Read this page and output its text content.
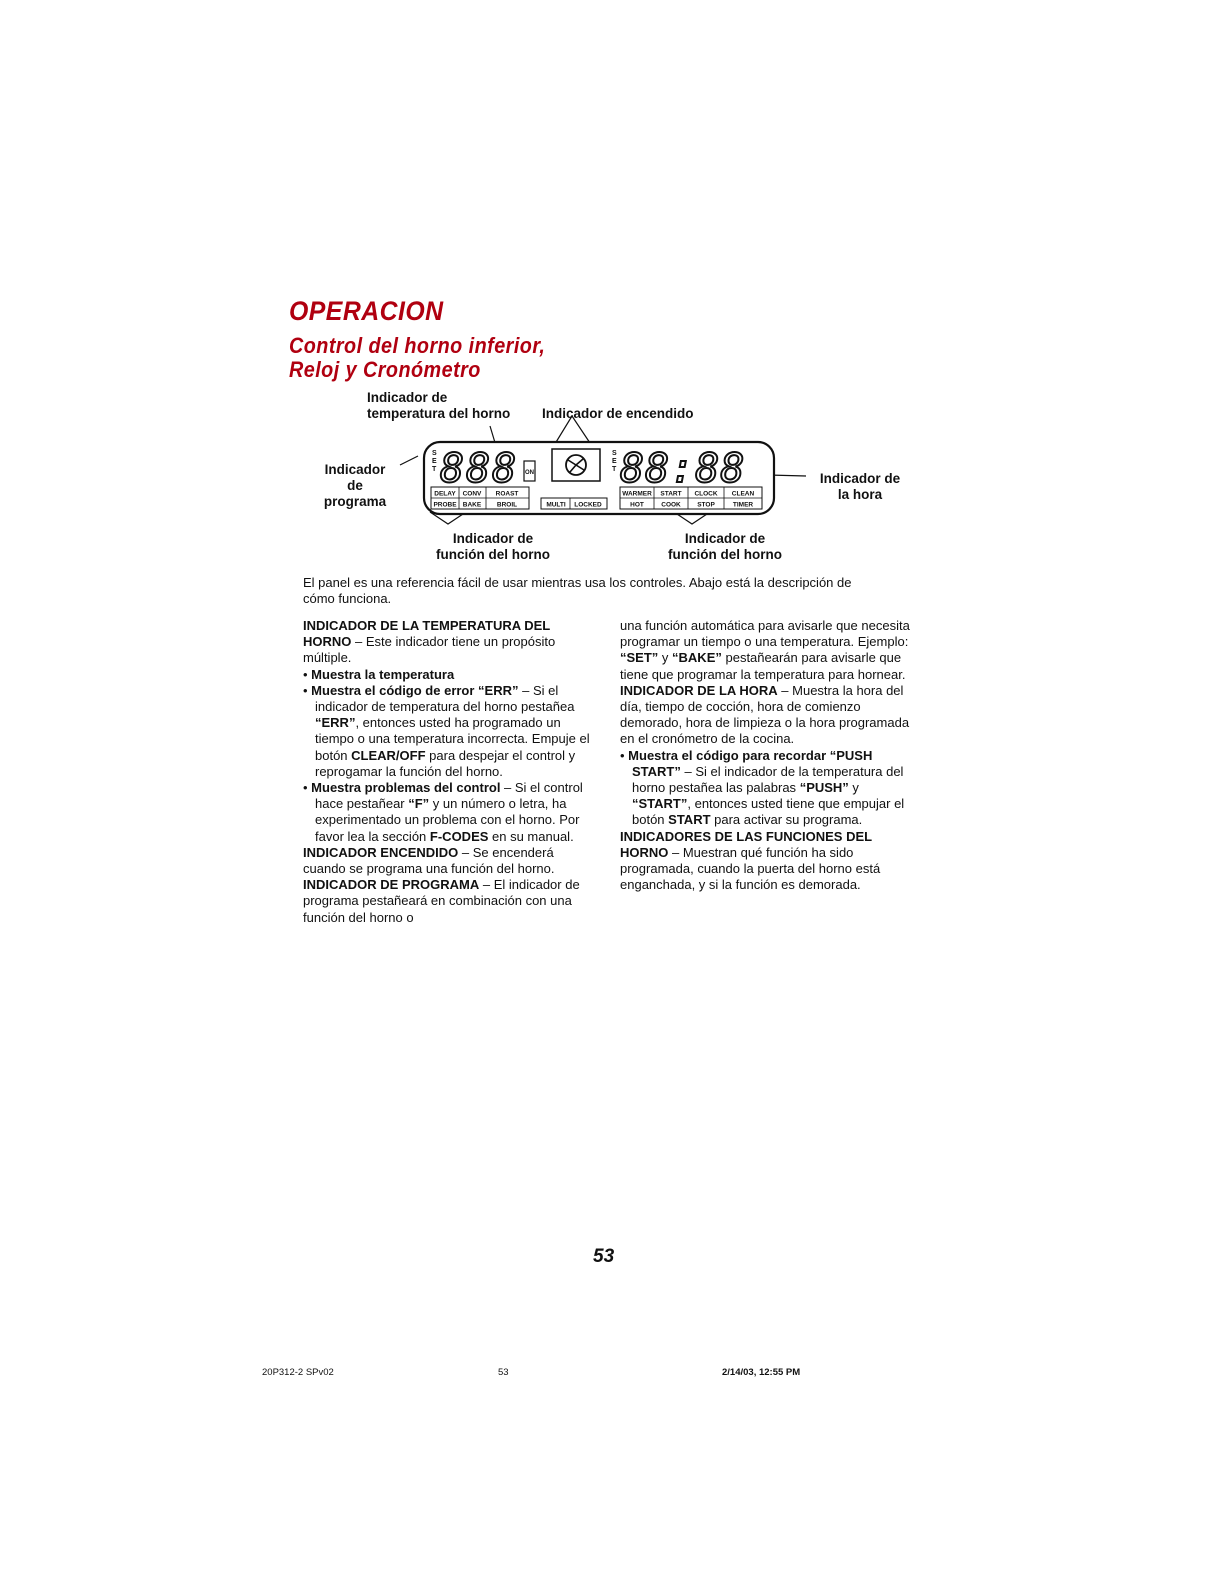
OPERACION
Control del horno inferior,
Reloj y Cronómetro
Indicador de
temperatura del horno Indicador de encendido
Indicador
de
programa
Indicador de
la hora
Indicador de
función del horno
Indicador de
función del horno
S
E
T 888 ON
S
E
T 88:88
DELAY CONV ROAST
PROBE BAKE BROIL	MULTI LOCKED
WARMER START CLOCK CLEAN
HOT	COOK	STOP	TIMER

El panel es una referencia fácil de usar mientras usa los controles. Abajo está la descripción de cómo funciona.

INDICADOR DE LA TEMPERATURA DEL HORNO – Este indicador tiene un propósito múltiple.

• Muestra la temperatura

• Muestra el código de error “ERR” – Si el indicador de temperatura del horno pestañea “ERR”, entonces usted ha programado un tiempo o una temperatura incorrecta. Empuje el botón CLEAR/OFF para despejar el control y reprogamar la función del horno.

• Muestra problemas del control – Si el control hace pestañear “F” y un número o letra, ha experimentado un problema con el horno. Por favor lea la sección F-CODES en su manual.

INDICADOR ENCENDIDO – Se encenderá cuando se programa una función del horno.

INDICADOR DE PROGRAMA – El indicador de programa pestañeará en combinación con una función del horno o

una función automática para avisarle que necesita programar un tiempo o una temperatura. Ejemplo: “SET” y “BAKE” pestañearán para avisarle que tiene que programar la temperatura para hornear.

INDICADOR DE LA HORA – Muestra la hora del día, tiempo de cocción, hora de comienzo demorado, hora de limpieza o la hora programada en el cronómetro de la cocina.

• Muestra el código para recordar “PUSH START” – Si el indicador de la temperatura del horno pestañea las palabras “PUSH” y “START”, entonces usted tiene que empujar el botón START para activar su programa.

INDICADORES DE LAS FUNCIONES DEL HORNO – Muestran qué función ha sido programada, cuando la puerta del horno está enganchada, y si la función es demorada.

53
20P312-2 SPv02	53	2/14/03, 12:55 PM
